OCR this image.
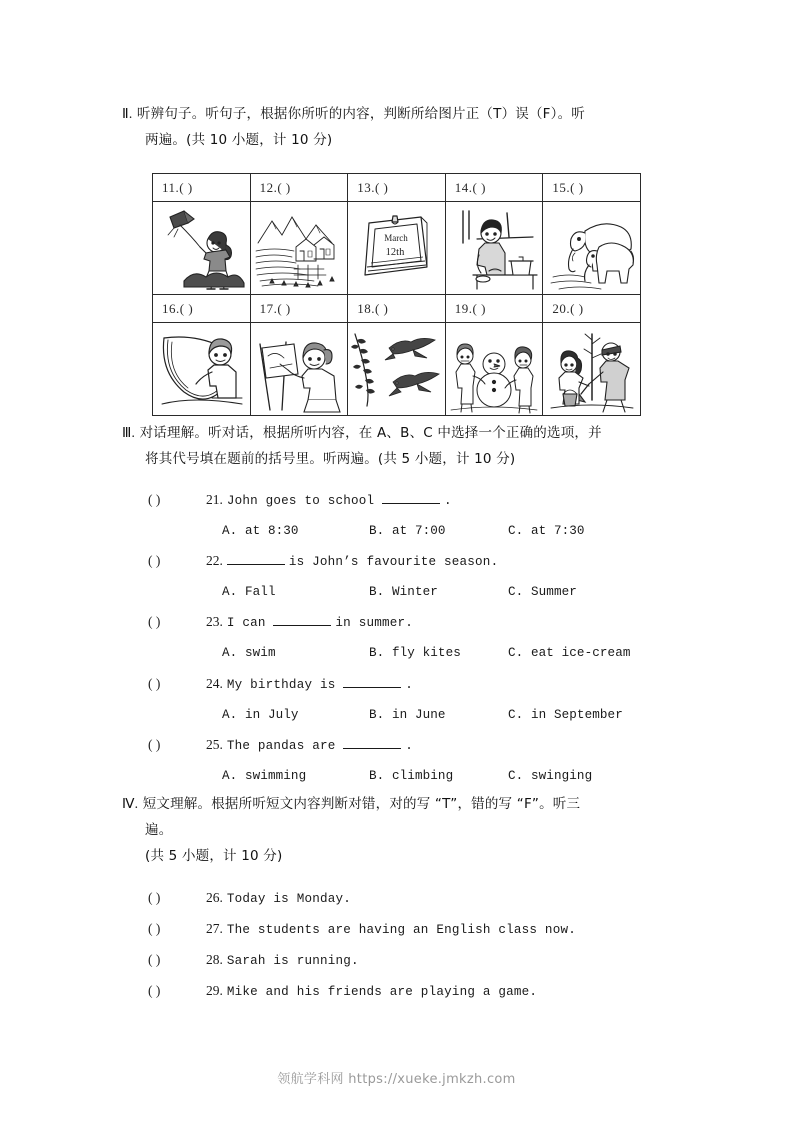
Ⅱ. 听辨句子。听句子，根据你所听的内容，判断所给图片正（T）误（F）。听
两遍。(共 10 小题，计 10 分)
11.( )	12.( )	13.( )	14.( )	15.( )

March
12th

16.( )	17.( )	18.( )	19.( )	20.( )

Ⅲ. 对话理解。听对话，根据所听内容，在 A、B、C 中选择一个正确的选项，并
将其代号填在题前的括号里。听两遍。(共 5 小题，计 10 分)
( )	21. John goes to school	.
A. at 8:30	B. at 7:00	C. at 7:30
( )	22.	is John’s favourite season.
A. Fall	B. Winter	C. Summer
( )	23. I can	in summer.
A. swim	B. fly kites	C. eat ice-cream
( )	24. My birthday is	.
A. in July	B. in June	C. in September
( )	25. The pandas are	.
A. swimming	B. climbing	C. swinging
Ⅳ. 短文理解。根据所听短文内容判断对错，对的写 “T”，错的写 “F”。听三
遍。
(共 5 小题，计 10 分)
( )	26. Today is Monday.
( )	27. The students are having an English class now.
( )	28. Sarah is running.
( )	29. Mike and his friends are playing a game.
领航学科网 https://xueke.jmkzh.com
